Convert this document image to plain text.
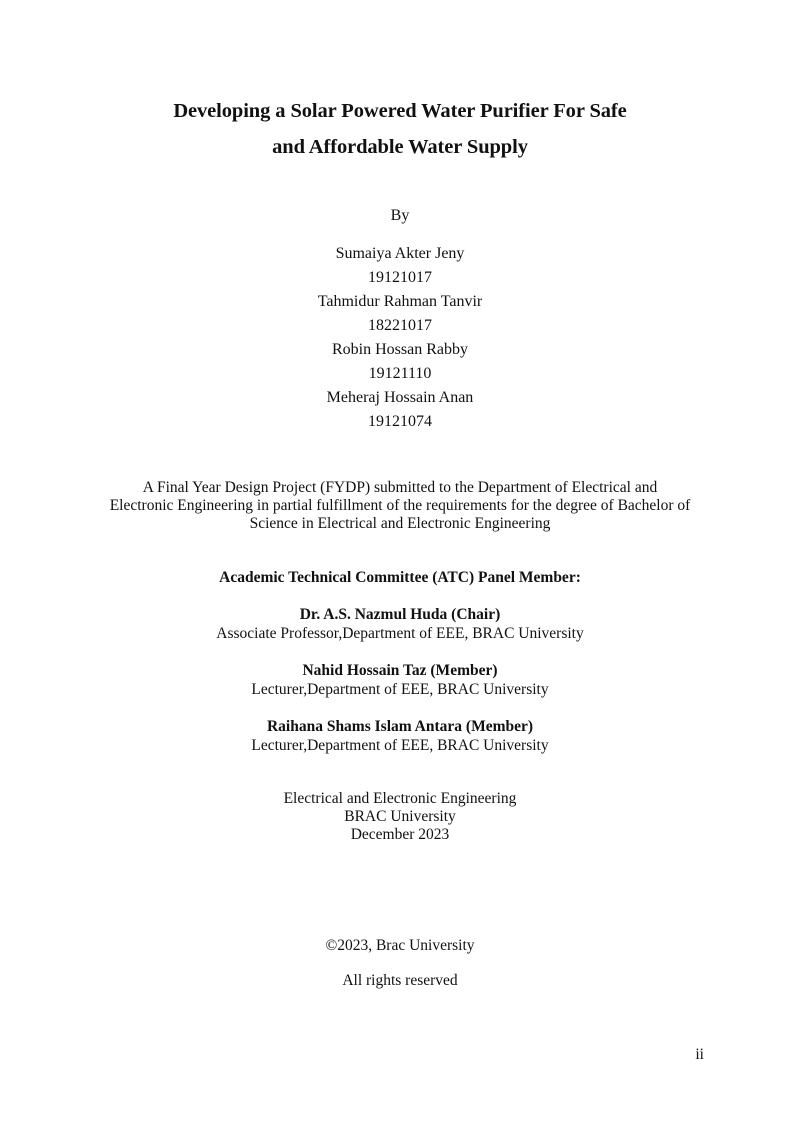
Developing a Solar Powered Water Purifier For Safe
and Affordable Water Supply
By
Sumaiya Akter Jeny
19121017
Tahmidur Rahman Tanvir
18221017
Robin Hossan Rabby
19121110
Meheraj Hossain Anan
19121074
A Final Year Design Project (FYDP) submitted to the Department of Electrical and
Electronic Engineering in partial fulfillment of the requirements for the degree of Bachelor of
Science in Electrical and Electronic Engineering
Academic Technical Committee (ATC) Panel Member:
Dr. A.S. Nazmul Huda (Chair)
Associate Professor,Department of EEE, BRAC University
Nahid Hossain Taz (Member)
Lecturer,Department of EEE, BRAC University
Raihana Shams Islam Antara (Member)
Lecturer,Department of EEE, BRAC University
Electrical and Electronic Engineering
BRAC University
December 2023
©2023, Brac University
All rights reserved
ii
